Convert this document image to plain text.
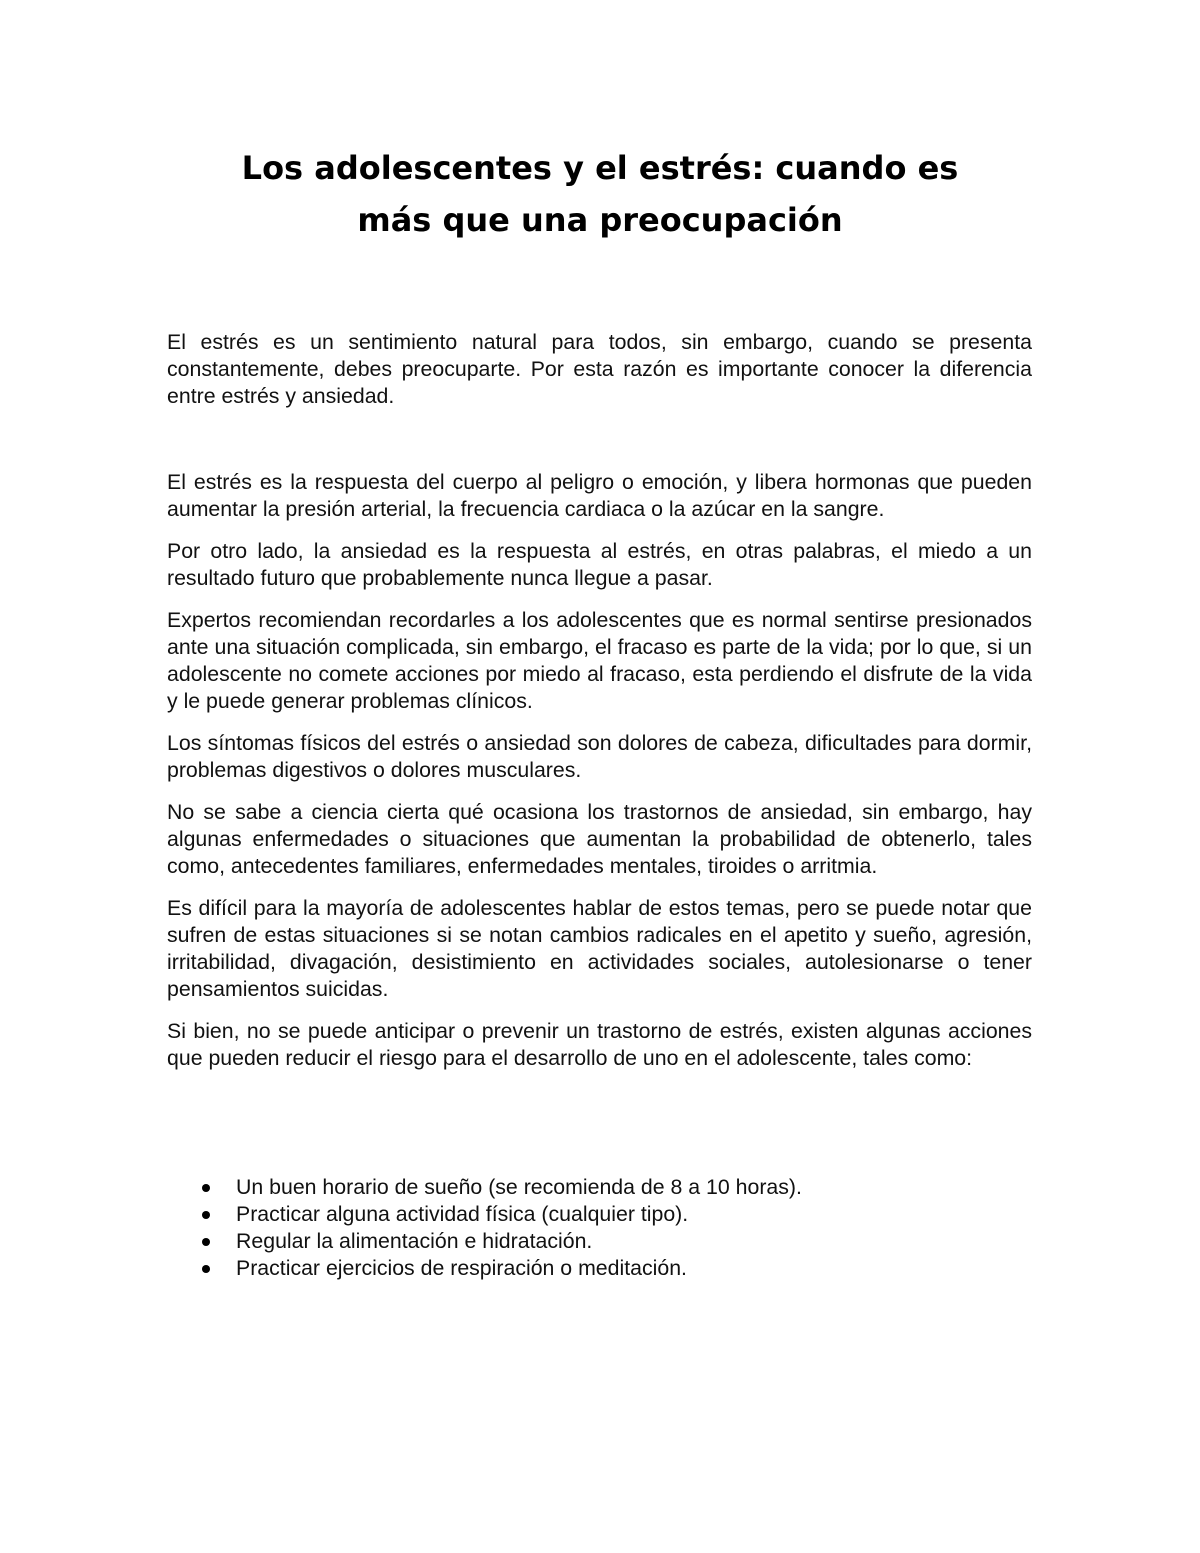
Los adolescentes y el estrés: cuando es
más que una preocupación

El estrés es un sentimiento natural para todos, sin embargo, cuando se presenta constantemente, debes preocuparte. Por esta razón es importante conocer la diferencia entre estrés y ansiedad.

El estrés es la respuesta del cuerpo al peligro o emoción, y libera hormonas que pueden aumentar la presión arterial, la frecuencia cardiaca o la azúcar en la sangre.

Por otro lado, la ansiedad es la respuesta al estrés, en otras palabras, el miedo a un resultado futuro que probablemente nunca llegue a pasar.

Expertos recomiendan recordarles a los adolescentes que es normal sentirse presionados ante una situación complicada, sin embargo, el fracaso es parte de la vida; por lo que, si un adolescente no comete acciones por miedo al fracaso, esta perdiendo el disfrute de la vida y le puede generar problemas clínicos.

Los síntomas físicos del estrés o ansiedad son dolores de cabeza, dificultades para dormir, problemas digestivos o dolores musculares.

No se sabe a ciencia cierta qué ocasiona los trastornos de ansiedad, sin embargo, hay algunas enfermedades o situaciones que aumentan la probabilidad de obtenerlo, tales como, antecedentes familiares, enfermedades mentales, tiroides o arritmia.

Es difícil para la mayoría de adolescentes hablar de estos temas, pero se puede notar que sufren de estas situaciones si se notan cambios radicales en el apetito y sueño, agresión, irritabilidad, divagación, desistimiento en actividades sociales, autolesionarse o tener pensamientos suicidas.

Si bien, no se puede anticipar o prevenir un trastorno de estrés, existen algunas acciones que pueden reducir el riesgo para el desarrollo de uno en el adolescente, tales como:

Un buen horario de sueño (se recomienda de 8 a 10 horas).
Practicar alguna actividad física (cualquier tipo).
Regular la alimentación e hidratación.
Practicar ejercicios de respiración o meditación.
